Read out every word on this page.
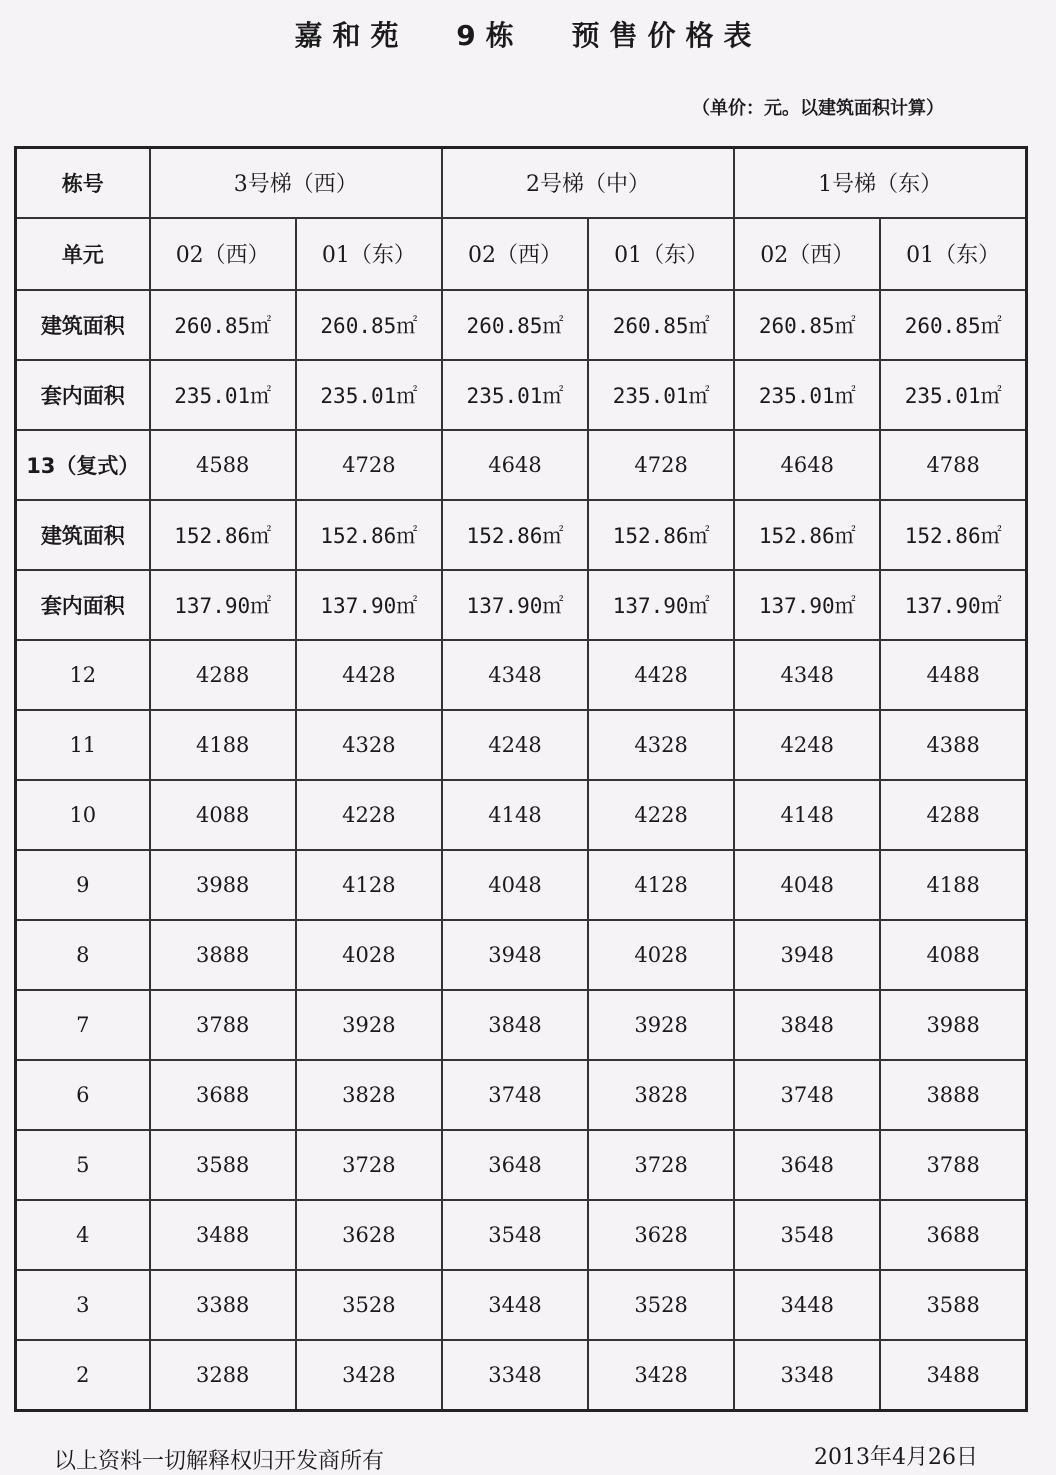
嘉和苑 9栋 预售价格表
（单价：元。以建筑面积计算）
栋号	3号梯（西）		2号梯（中）		1号梯（东）	
单元	02（西）	01（东）	02（西）	01（东）	02（西）	01（东）
建筑面积	260.85㎡	260.85㎡	260.85㎡	260.85㎡	260.85㎡	260.85㎡
套内面积	235.01㎡	235.01㎡	235.01㎡	235.01㎡	235.01㎡	235.01㎡
13（复式）	4588	4728	4648	4728	4648	4788
建筑面积	152.86㎡	152.86㎡	152.86㎡	152.86㎡	152.86㎡	152.86㎡
套内面积	137.90㎡	137.90㎡	137.90㎡	137.90㎡	137.90㎡	137.90㎡
12	4288	4428	4348	4428	4348	4488
11	4188	4328	4248	4328	4248	4388
10	4088	4228	4148	4228	4148	4288
9	3988	4128	4048	4128	4048	4188
8	3888	4028	3948	4028	3948	4088
7	3788	3928	3848	3928	3848	3988
6	3688	3828	3748	3828	3748	3888
5	3588	3728	3648	3728	3648	3788
4	3488	3628	3548	3628	3548	3688
3	3388	3528	3448	3528	3448	3588
2	3288	3428	3348	3428	3348	3488
以上资料一切解释权归开发商所有	2013年4月26日
